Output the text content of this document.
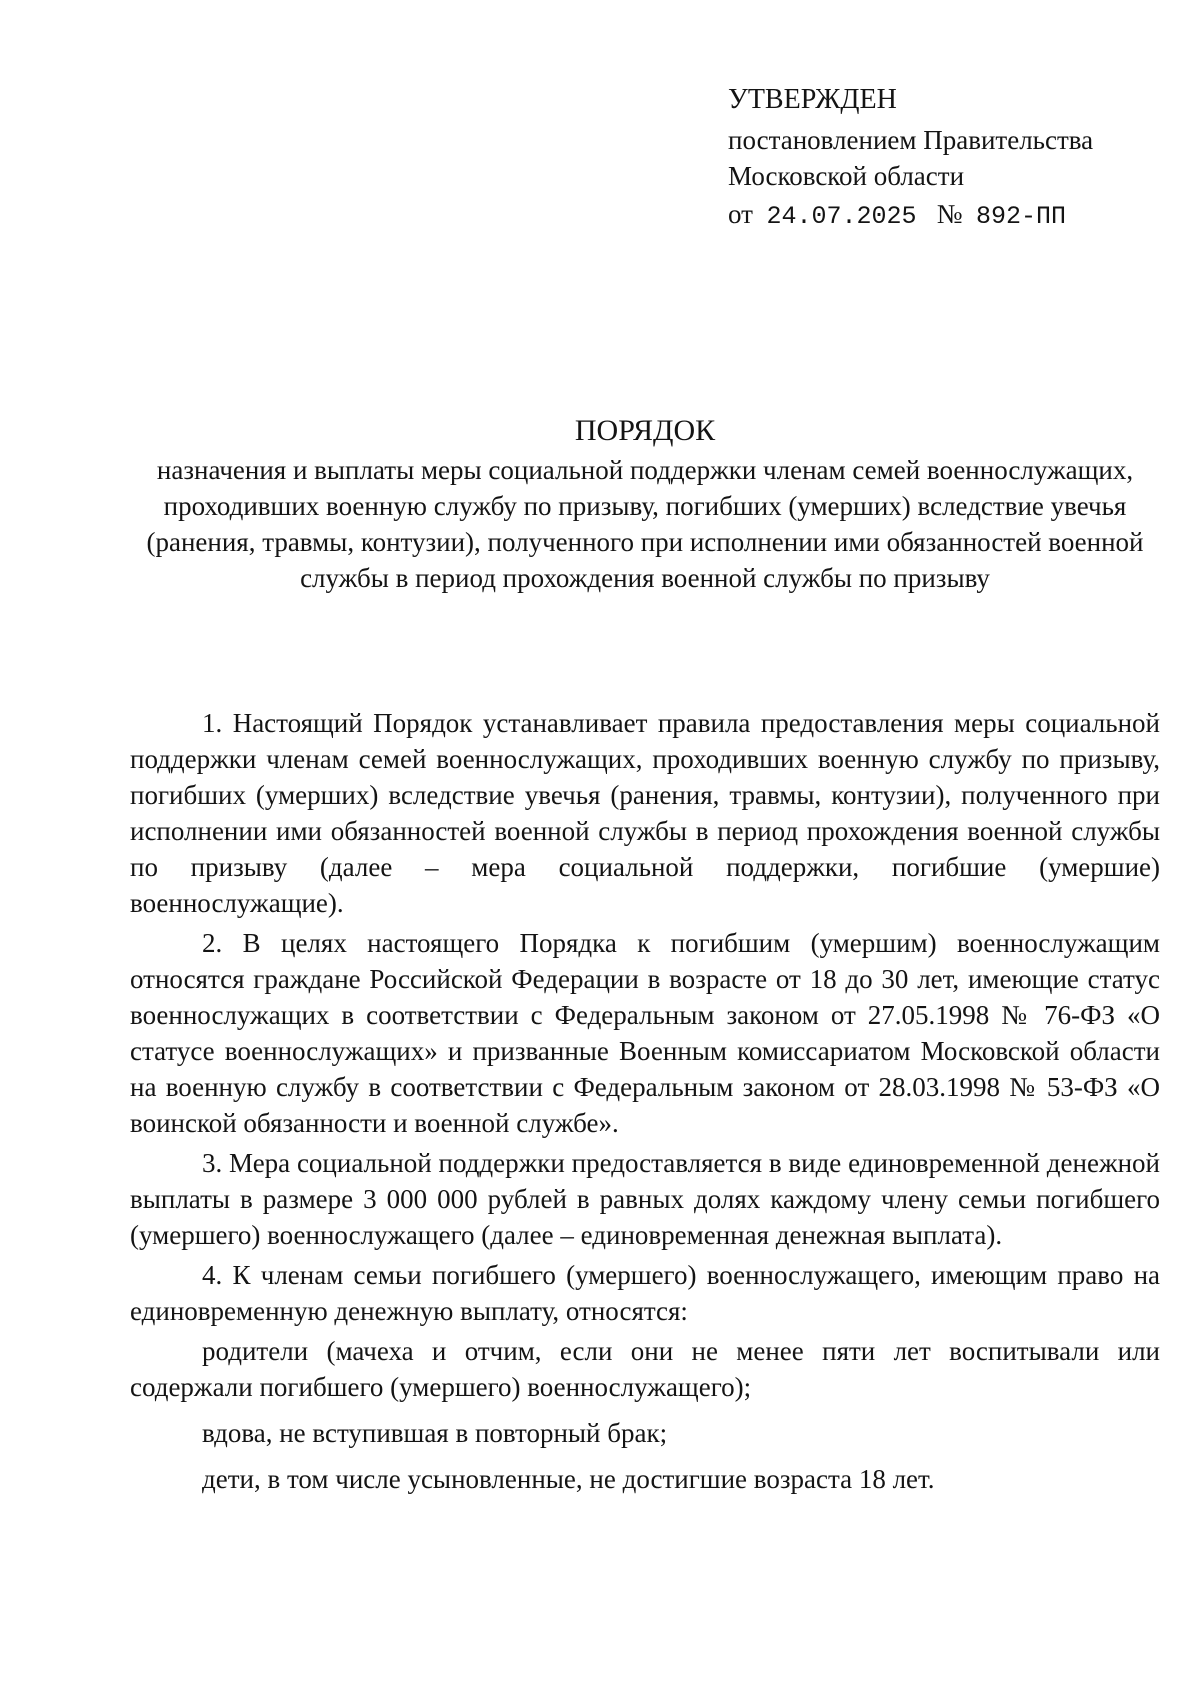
УТВЕРЖДЕН
постановлением Правительства
Московской области
от 24.07.2025 № 892-ПП
ПОРЯДОК
назначения и выплаты меры социальной поддержки членам семей военнослужащих, проходивших военную службу по призыву, погибших (умерших) вследствие увечья (ранения, травмы, контузии), полученного при исполнении ими обязанностей военной службы в период прохождения военной службы по призыву

1. Настоящий Порядок устанавливает правила предоставления меры социальной поддержки членам семей военнослужащих, проходивших военную службу по призыву, погибших (умерших) вследствие увечья (ранения, травмы, контузии), полученного при исполнении ими обязанностей военной службы в период прохождения военной службы по призыву (далее – мера социальной поддержки, погибшие (умершие) военнослужащие).

2. В целях настоящего Порядка к погибшим (умершим) военнослужащим относятся граждане Российской Федерации в возрасте от 18 до 30 лет, имеющие статус военнослужащих в соответствии с Федеральным законом от 27.05.1998 № 76-ФЗ «О статусе военнослужащих» и призванные Военным комиссариатом Московской области на военную службу в соответствии с Федеральным законом от 28.03.1998 № 53-ФЗ «О воинской обязанности и военной службе».

3. Мера социальной поддержки предоставляется в виде единовременной денежной выплаты в размере 3 000 000 рублей в равных долях каждому члену семьи погибшего (умершего) военнослужащего (далее – единовременная денежная выплата).

4. К членам семьи погибшего (умершего) военнослужащего, имеющим право на единовременную денежную выплату, относятся:

родители (мачеха и отчим, если они не менее пяти лет воспитывали или содержали погибшего (умершего) военнослужащего);

вдова, не вступившая в повторный брак;

дети, в том числе усыновленные, не достигшие возраста 18 лет.
